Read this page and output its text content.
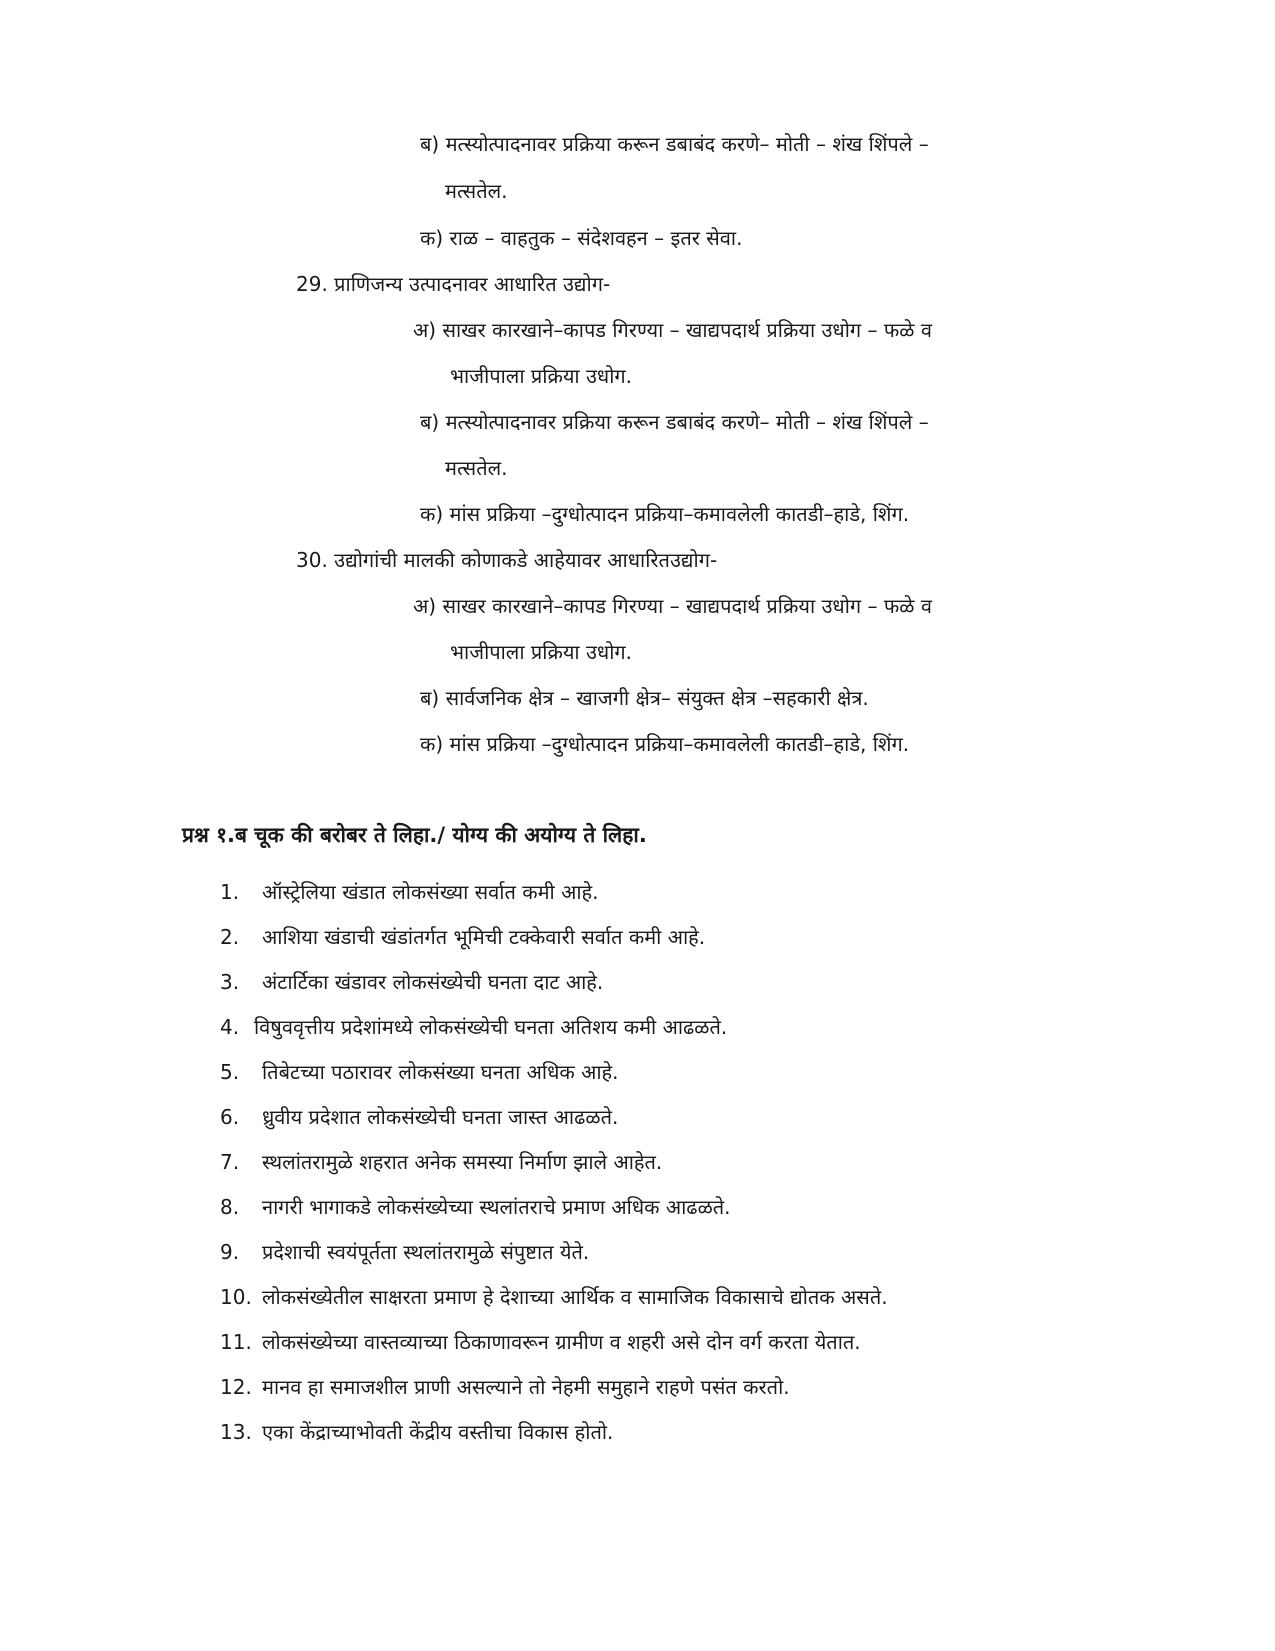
ब) मत्स्योत्पादनावर प्रक्रिया करून डबाबंद करणे– मोती – शंख शिंपले –
मत्सतेल.
क) राळ – वाहतुक – संदेशवहन – इतर सेवा.
29. प्राणिजन्य उत्पादनावर आधारित उद्योग-
अ) साखर कारखाने–कापड गिरण्या – खाद्यपदार्थ प्रक्रिया उधोग – फळे व
भाजीपाला प्रक्रिया उधोग.
ब) मत्स्योत्पादनावर प्रक्रिया करून डबाबंद करणे– मोती – शंख शिंपले –
मत्सतेल.
क) मांस प्रक्रिया –दुग्धोत्पादन प्रक्रिया–कमावलेली कातडी–हाडे, शिंग.
30. उद्योगांची मालकी कोणाकडे आहेयावर आधारितउद्योग-
अ) साखर कारखाने–कापड गिरण्या – खाद्यपदार्थ प्रक्रिया उधोग – फळे व
भाजीपाला प्रक्रिया उधोग.
ब) सार्वजनिक क्षेत्र – खाजगी क्षेत्र– संयुक्त क्षेत्र –सहकारी क्षेत्र.
क) मांस प्रक्रिया –दुग्धोत्पादन प्रक्रिया–कमावलेली कातडी–हाडे, शिंग.
प्रश्न १.ब चूक की बरोबर ते लिहा./ योग्य की अयोग्य ते लिहा.
1. ऑस्ट्रेलिया खंडात लोकसंख्या सर्वात कमी आहे.
2. आशिया खंडाची खंडांतर्गत भूमिची टक्केवारी सर्वात कमी आहे.
3. अंटार्टिका खंडावर लोकसंख्येची घनता दाट आहे.
4. विषुववृत्तीय प्रदेशांमध्ये लोकसंख्येची घनता अतिशय कमी आढळते.
5. तिबेटच्या पठारावर लोकसंख्या घनता अधिक आहे.
6. ध्रुवीय प्रदेशात लोकसंख्येची घनता जास्त आढळते.
7. स्थलांतरामुळे शहरात अनेक समस्या निर्माण झाले आहेत.
8. नागरी भागाकडे लोकसंख्येच्या स्थलांतराचे प्रमाण अधिक आढळते.
9. प्रदेशाची स्वयंपूर्तता स्थलांतरामुळे संपुष्टात येते.
10. लोकसंख्येतील साक्षरता प्रमाण हे देशाच्या आर्थिक व सामाजिक विकासाचे द्योतक असते.
11. लोकसंख्येच्या वास्तव्याच्या ठिकाणावरून ग्रामीण व शहरी असे दोन वर्ग करता येतात.
12. मानव हा समाजशील प्राणी असल्याने तो नेहमी समुहाने राहणे पसंत करतो.
13. एका केंद्राच्याभोवती केंद्रीय वस्तीचा विकास होतो.
